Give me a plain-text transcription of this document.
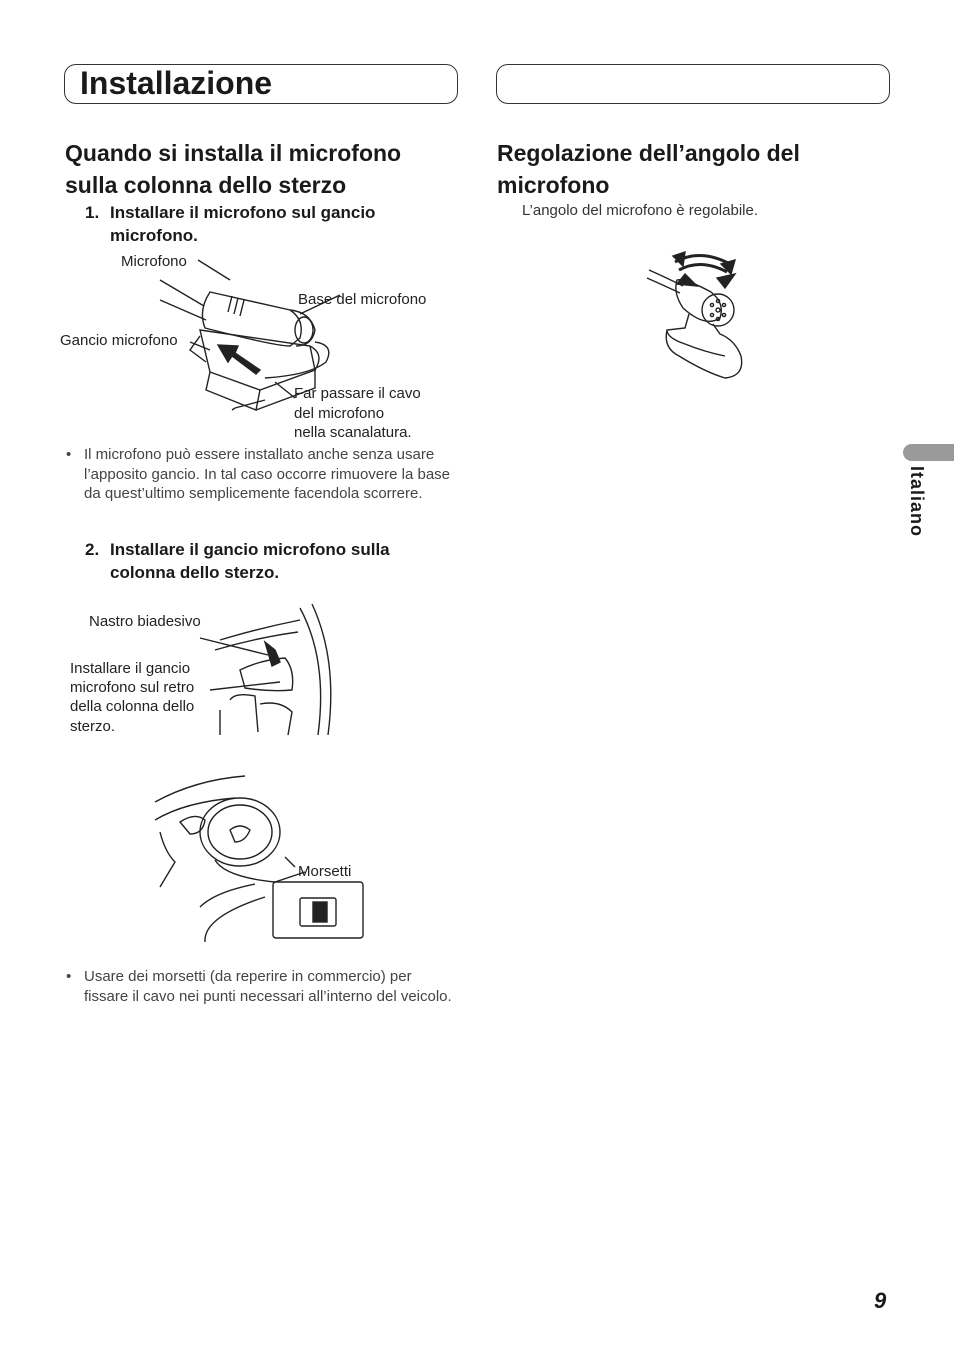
Installazione
Quando si installa il microfono sulla colonna dello sterzo
1. Installare il microfono sul gancio microfono.
Microfono
Base del microfono
Gancio microfono
Far passare il cavo
del microfono
nella scanalatura.
• Il microfono può essere installato anche senza usare l’apposito gancio. In tal caso occorre rimuovere la base da quest’ultimo semplicemente facendola scorrere.
2. Installare il gancio microfono sulla colonna dello sterzo.
Nastro biadesivo
Installare il gancio
microfono sul retro
della colonna dello
sterzo.
Morsetti
• Usare dei morsetti (da reperire in commercio) per fissare il cavo nei punti necessari all’interno del veicolo.
Regolazione dell’angolo del microfono
L’angolo del microfono è regolabile.
Italiano
9
